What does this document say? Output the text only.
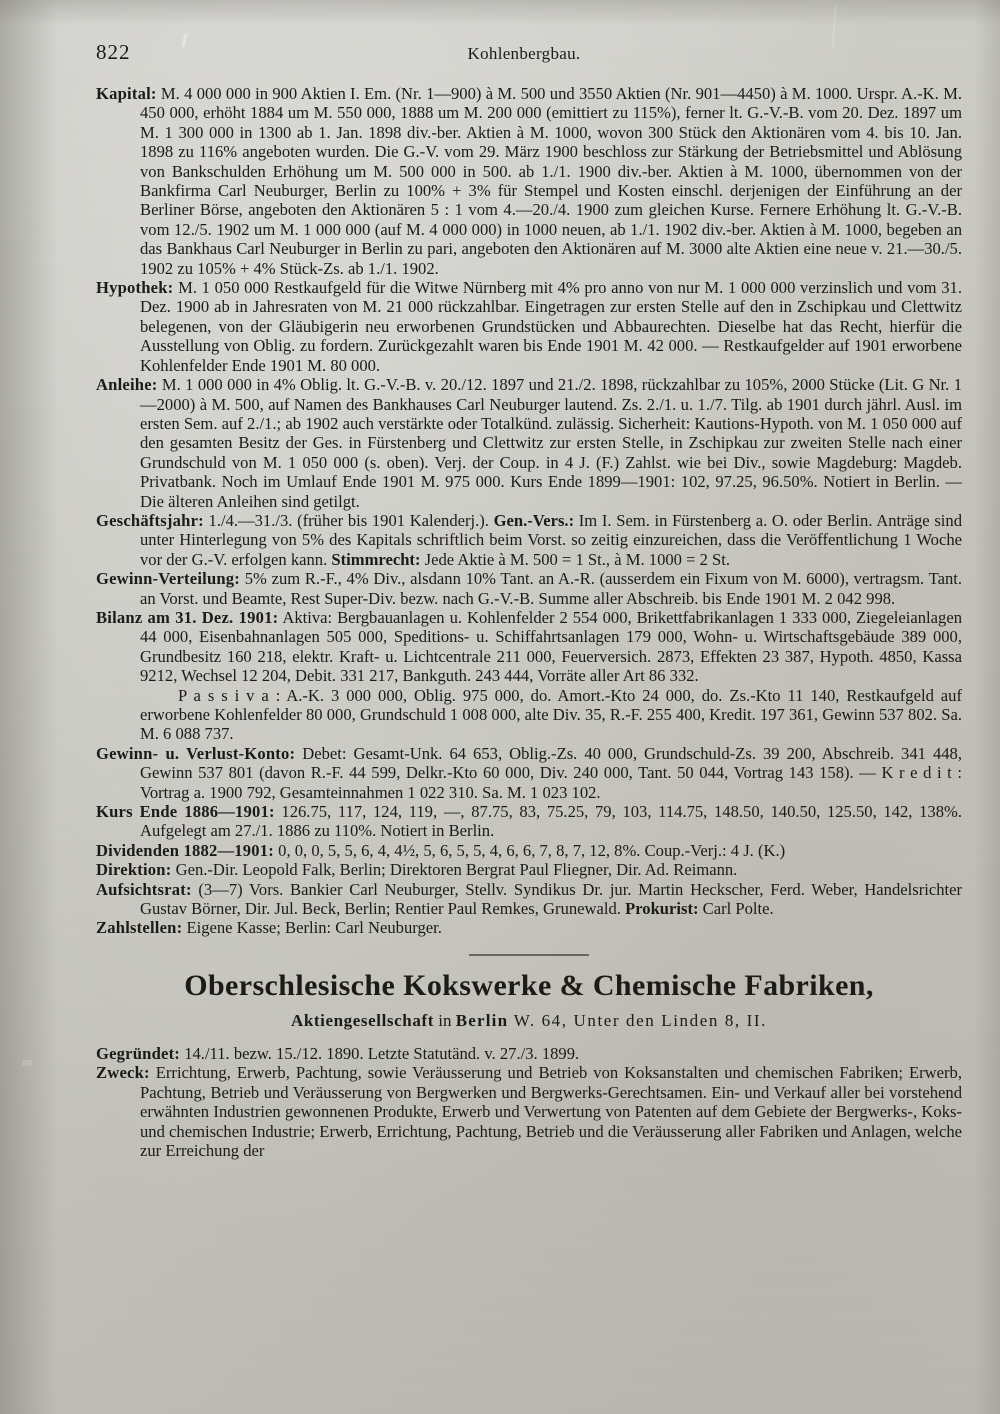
822	Kohlenbergbau.

Kapital: M. 4 000 000 in 900 Aktien I. Em. (Nr. 1—900) à M. 500 und 3550 Aktien (Nr. 901—4450) à M. 1000. Urspr. A.-K. M. 450 000, erhöht 1884 um M. 550 000, 1888 um M. 200 000 (emittiert zu 115%), ferner lt. G.-V.-B. vom 20. Dez. 1897 um M. 1 300 000 in 1300 ab 1. Jan. 1898 div.-ber. Aktien à M. 1000, wovon 300 Stück den Aktionären vom 4. bis 10. Jan. 1898 zu 116% angeboten wurden. Die G.-V. vom 29. März 1900 beschloss zur Stärkung der Betriebsmittel und Ablösung von Bankschulden Erhöhung um M. 500 000 in 500. ab 1./1. 1900 div.-ber. Aktien à M. 1000, übernommen von der Bankfirma Carl Neuburger, Berlin zu 100% + 3% für Stempel und Kosten einschl. derjenigen der Einführung an der Berliner Börse, angeboten den Aktionären 5 : 1 vom 4.—20./4. 1900 zum gleichen Kurse. Fernere Erhöhung lt. G.-V.-B. vom 12./5. 1902 um M. 1 000 000 (auf M. 4 000 000) in 1000 neuen, ab 1./1. 1902 div.-ber. Aktien à M. 1000, begeben an das Bankhaus Carl Neuburger in Berlin zu pari, angeboten den Aktionären auf M. 3000 alte Aktien eine neue v. 21.—30./5. 1902 zu 105% + 4% Stück-Zs. ab 1./1. 1902.

Hypothek: M. 1 050 000 Restkaufgeld für die Witwe Nürnberg mit 4% pro anno von nur M. 1 000 000 verzinslich und vom 31. Dez. 1900 ab in Jahresraten von M. 21 000 rückzahlbar. Eingetragen zur ersten Stelle auf den in Zschipkau und Clettwitz belegenen, von der Gläubigerin neu erworbenen Grundstücken und Abbaurechten. Dieselbe hat das Recht, hierfür die Ausstellung von Oblig. zu fordern. Zurückgezahlt waren bis Ende 1901 M. 42 000. — Restkaufgelder auf 1901 erworbene Kohlenfelder Ende 1901 M. 80 000.

Anleihe: M. 1 000 000 in 4% Oblig. lt. G.-V.-B. v. 20./12. 1897 und 21./2. 1898, rückzahlbar zu 105%, 2000 Stücke (Lit. G Nr. 1—2000) à M. 500, auf Namen des Bankhauses Carl Neuburger lautend. Zs. 2./1. u. 1./7. Tilg. ab 1901 durch jährl. Ausl. im ersten Sem. auf 2./1.; ab 1902 auch verstärkte oder Totalkünd. zulässig. Sicherheit: Kautions-Hypoth. von M. 1 050 000 auf den gesamten Besitz der Ges. in Fürstenberg und Clettwitz zur ersten Stelle, in Zschipkau zur zweiten Stelle nach einer Grundschuld von M. 1 050 000 (s. oben). Verj. der Coup. in 4 J. (F.) Zahlst. wie bei Div., sowie Magdeburg: Magdeb. Privatbank. Noch im Umlauf Ende 1901 M. 975 000. Kurs Ende 1899—1901: 102, 97.25, 96.50%. Notiert in Berlin. — Die älteren Anleihen sind getilgt.

Geschäftsjahr: 1./4.—31./3. (früher bis 1901 Kalenderj.). Gen.-Vers.: Im I. Sem. in Fürstenberg a. O. oder Berlin. Anträge sind unter Hinterlegung von 5% des Kapitals schriftlich beim Vorst. so zeitig einzureichen, dass die Veröffentlichung 1 Woche vor der G.-V. erfolgen kann. Stimmrecht: Jede Aktie à M. 500 = 1 St., à M. 1000 = 2 St.

Gewinn-Verteilung: 5% zum R.-F., 4% Div., alsdann 10% Tant. an A.-R. (ausserdem ein Fixum von M. 6000), vertragsm. Tant. an Vorst. und Beamte, Rest Super-Div. bezw. nach G.-V.-B. Summe aller Abschreib. bis Ende 1901 M. 2 042 998.

Bilanz am 31. Dez. 1901: Aktiva: Bergbauanlagen u. Kohlenfelder 2 554 000, Brikettfabrikanlagen 1 333 000, Ziegeleianlagen 44 000, Eisenbahnanlagen 505 000, Speditions- u. Schiffahrtsanlagen 179 000, Wohn- u. Wirtschaftsgebäude 389 000, Grundbesitz 160 218, elektr. Kraft- u. Lichtcentrale 211 000, Feuerversich. 2873, Effekten 23 387, Hypoth. 4850, Kassa 9212, Wechsel 12 204, Debit. 331 217, Bankguth. 243 444, Vorräte aller Art 86 332.

P a s s i v a : A.-K. 3 000 000, Oblig. 975 000, do. Amort.-Kto 24 000, do. Zs.-Kto 11 140, Restkaufgeld auf erworbene Kohlenfelder 80 000, Grundschuld 1 008 000, alte Div. 35, R.-F. 255 400, Kredit. 197 361, Gewinn 537 802. Sa. M. 6 088 737.

Gewinn- u. Verlust-Konto: Debet: Gesamt-Unk. 64 653, Oblig.-Zs. 40 000, Grundschuld-Zs. 39 200, Abschreib. 341 448, Gewinn 537 801 (davon R.-F. 44 599, Delkr.-Kto 60 000, Div. 240 000, Tant. 50 044, Vortrag 143 158). — K r e d i t : Vortrag a. 1900 792, Gesamteinnahmen 1 022 310. Sa. M. 1 023 102.

Kurs Ende 1886—1901: 126.75, 117, 124, 119, —, 87.75, 83, 75.25, 79, 103, 114.75, 148.50, 140.50, 125.50, 142, 138%. Aufgelegt am 27./1. 1886 zu 110%. Notiert in Berlin.

Dividenden 1882—1901: 0, 0, 0, 5, 5, 6, 4, 4½, 5, 6, 5, 5, 4, 6, 6, 7, 8, 7, 12, 8%. Coup.-Verj.: 4 J. (K.)

Direktion: Gen.-Dir. Leopold Falk, Berlin; Direktoren Bergrat Paul Fliegner, Dir. Ad. Reimann.

Aufsichtsrat: (3—7) Vors. Bankier Carl Neuburger, Stellv. Syndikus Dr. jur. Martin Heckscher, Ferd. Weber, Handelsrichter Gustav Börner, Dir. Jul. Beck, Berlin; Rentier Paul Remkes, Grunewald. Prokurist: Carl Polte.

Zahlstellen: Eigene Kasse; Berlin: Carl Neuburger.

Oberschlesische Kokswerke & Chemische Fabriken,
Aktiengesellschaft in Berlin W. 64, Unter den Linden 8, II.

Gegründet: 14./11. bezw. 15./12. 1890. Letzte Statutänd. v. 27./3. 1899.

Zweck: Errichtung, Erwerb, Pachtung, sowie Veräusserung und Betrieb von Koksanstalten und chemischen Fabriken; Erwerb, Pachtung, Betrieb und Veräusserung von Bergwerken und Bergwerks-Gerechtsamen. Ein- und Verkauf aller bei vorstehend erwähnten Industrien gewonnenen Produkte, Erwerb und Verwertung von Patenten auf dem Gebiete der Bergwerks-, Koks- und chemischen Industrie; Erwerb, Errichtung, Pachtung, Betrieb und die Veräusserung aller Fabriken und Anlagen, welche zur Erreichung der
